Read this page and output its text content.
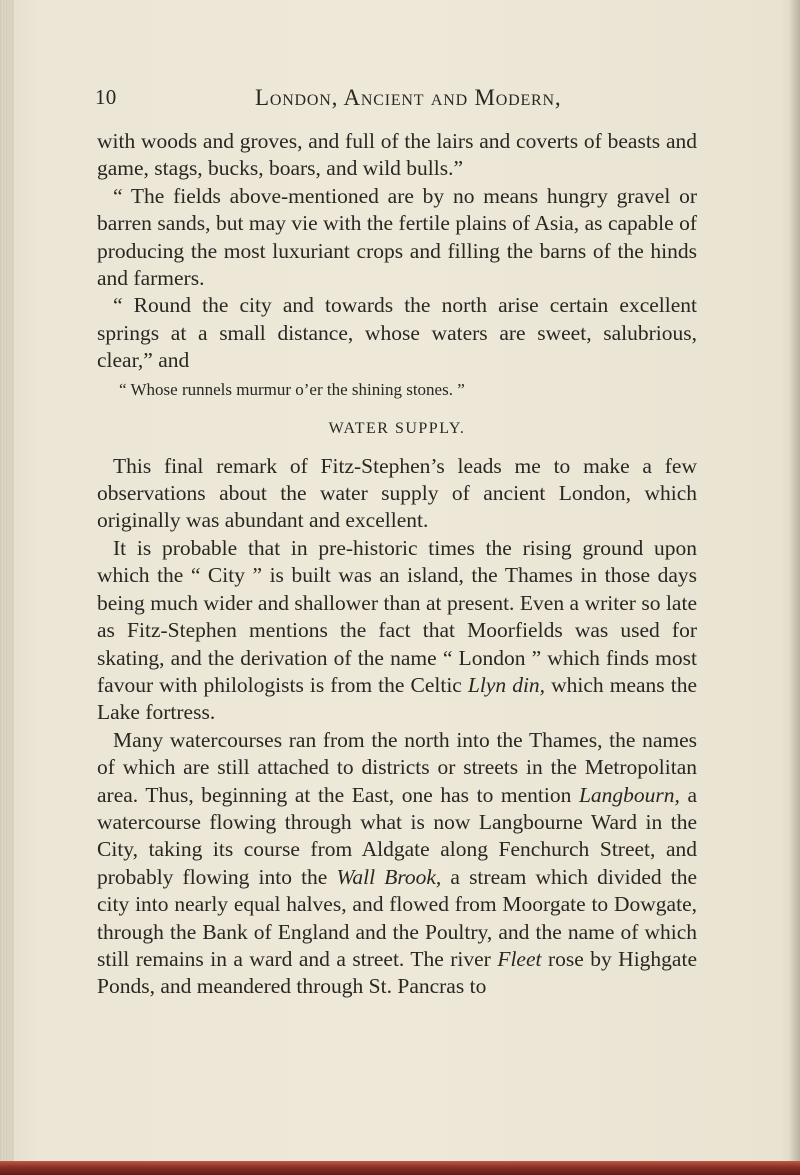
10	London, Ancient and Modern,

with woods and groves, and full of the lairs and coverts of beasts and game, stags, bucks, boars, and wild bulls.”

“ The fields above-mentioned are by no means hungry gravel or barren sands, but may vie with the fertile plains of Asia, as capable of producing the most luxuriant crops and filling the barns of the hinds and farmers.

“ Round the city and towards the north arise certain excellent springs at a small distance, whose waters are sweet, salubrious, clear,” and

“ Whose runnels murmur o’er the shining stones. ”

WATER SUPPLY.

This final remark of Fitz-Stephen’s leads me to make a few observations about the water supply of ancient London, which originally was abundant and excellent.

It is probable that in pre-historic times the rising ground upon which the “ City ” is built was an island, the Thames in those days being much wider and shallower than at present. Even a writer so late as Fitz-Stephen mentions the fact that Moorfields was used for skating, and the derivation of the name “ London ” which finds most favour with philologists is from the Celtic Llyn din, which means the Lake fortress.

Many watercourses ran from the north into the Thames, the names of which are still attached to districts or streets in the Metropolitan area. Thus, beginning at the East, one has to mention Langbourn, a watercourse flowing through what is now Langbourne Ward in the City, taking its course from Aldgate along Fenchurch Street, and probably flowing into the Wall Brook, a stream which divided the city into nearly equal halves, and flowed from Moorgate to Dowgate, through the Bank of England and the Poultry, and the name of which still remains in a ward and a street. The river Fleet rose by Highgate Ponds, and meandered through St. Pancras to
